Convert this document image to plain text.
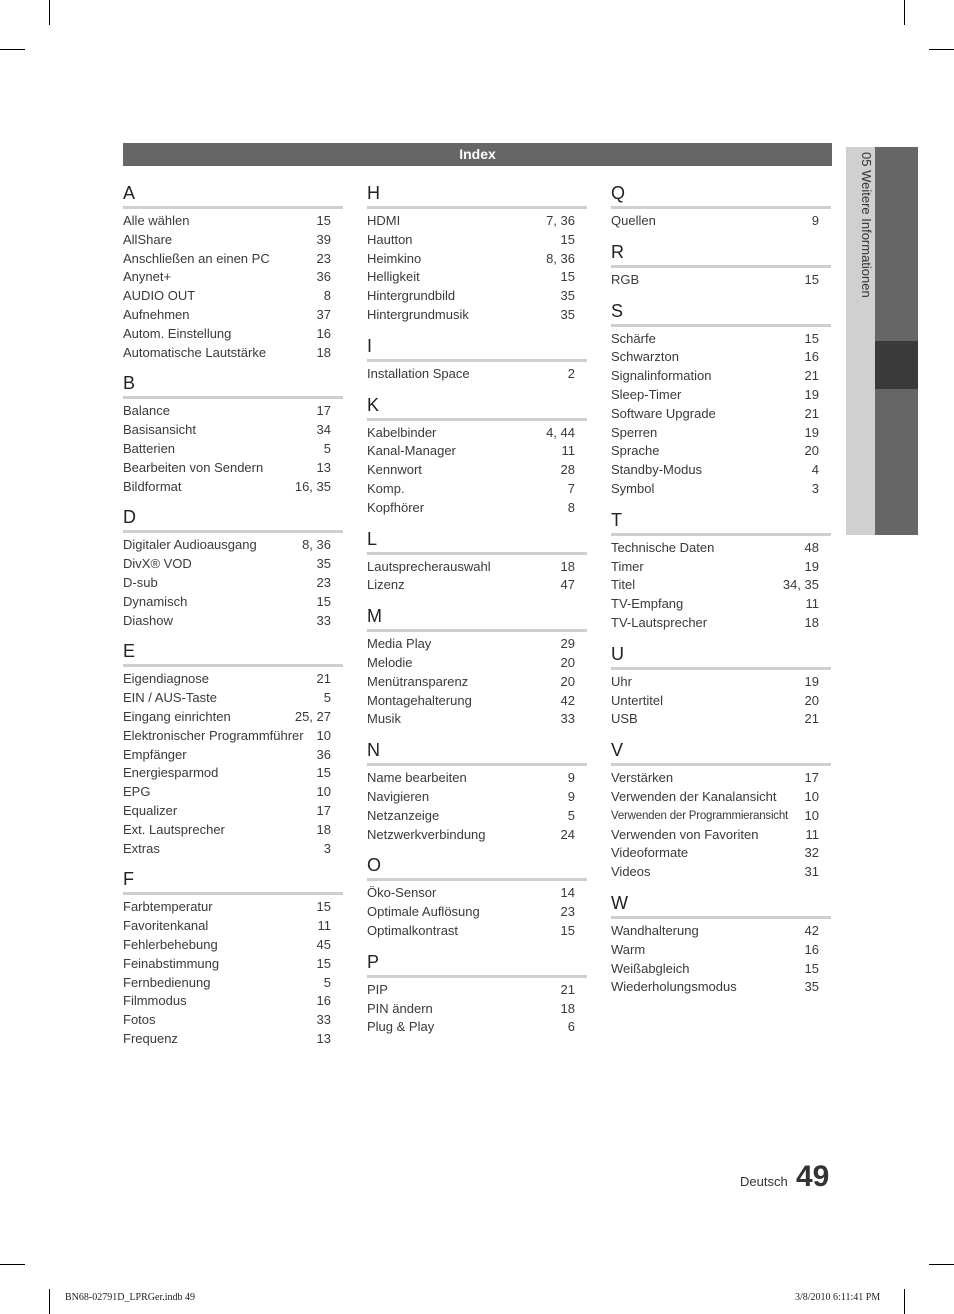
Index	05 Weitere Informationen
A
Alle wählen	15
AllShare	39
Anschließen an einen PC	23
Anynet+	36
AUDIO OUT	8
Aufnehmen	37
Autom. Einstellung	16
Automatische Lautstärke	18
B
Balance	17
Basisansicht	34
Batterien	5
Bearbeiten von Sendern	13
Bildformat	16, 35
D
Digitaler Audioausgang	8, 36
DivX® VOD	35
D-sub	23
Dynamisch	15
Diashow	33
E
Eigendiagnose	21
EIN / AUS-Taste	5
Eingang einrichten	25, 27
Elektronischer Programmführer 10
Empfänger	36
Energiesparmod	15
EPG	10
Equalizer	17
Ext. Lautsprecher	18
Extras	3
F
Farbtemperatur	15
Favoritenkanal	11
Fehlerbehebung	45
Feinabstimmung	15
Fernbedienung	5
Filmmodus	16
Fotos	33
Frequenz	13
H
HDMI	7, 36
Hautton	15
Heimkino	8, 36
Helligkeit	15
Hintergrundbild	35
Hintergrundmusik	35
I
Installation Space	2
K
Kabelbinder	4, 44
Kanal-Manager	11
Kennwort	28
Komp.	7
Kopfhörer	8
L
Lautsprecherauswahl	18
Lizenz	47
M
Media Play	29
Melodie	20
Menütransparenz	20
Montagehalterung	42
Musik	33
N
Name bearbeiten	9
Navigieren	9
Netzanzeige	5
Netzwerkverbindung	24
O
Öko-Sensor	14
Optimale Auflösung	23
Optimalkontrast	15
P
PIP	21
PIN ändern	18
Plug & Play	6
Q
Quellen	9
R
RGB	15
S
Schärfe	15
Schwarzton	16
Signalinformation	21
Sleep-Timer	19
Software Upgrade	21
Sperren	19
Sprache	20
Standby-Modus	4
Symbol	3
T
Technische Daten	48
Timer	19
Titel	34, 35
TV-Empfang	11
TV-Lautsprecher	18
U
Uhr	19
Untertitel	20
USB	21
V
Verstärken	17
Verwenden der Kanalansicht 10
Verwenden der Programmieransicht 10
Verwenden von Favoriten	11
Videoformate	32
Videos	31
W
Wandhalterung	42
Warm	16
Weißabgleich	15
Wiederholungsmodus	35
Deutsch 49
BN68-02791D_LPRGer.indb 49	3/8/2010 6:11:41 PM
